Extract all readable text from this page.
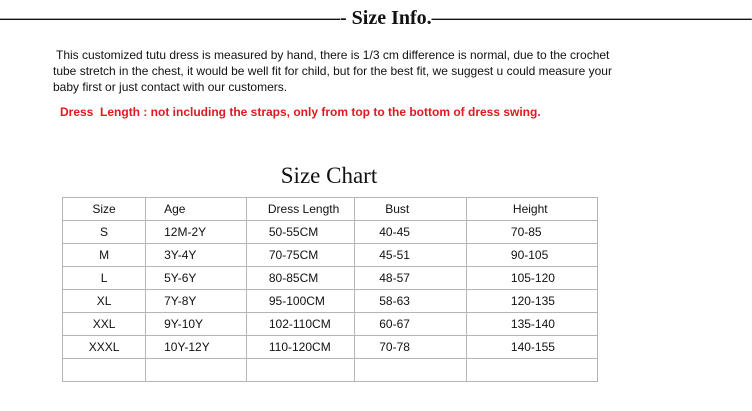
—————————————————- Size Info.————————————————
This customized tutu dress is measured by hand, there is 1/3 cm difference is normal, due to the crochet
tube stretch in the chest, it would be well fit for child, but for the best fit, we suggest u could measure your
baby first or just contact with our customers.
Dress  Length : not including the straps, only from top to the bottom of dress swing.
Size Chart
Size	Age	Dress Length	Bust	Height
S	12M-2Y	50-55CM	40-45	70-85
M	3Y-4Y	70-75CM	45-51	90-105
L	5Y-6Y	80-85CM	48-57	105-120
XL	7Y-8Y	95-100CM	58-63	120-135
XXL	9Y-10Y	102-110CM	60-67	135-140
XXXL	10Y-12Y	110-120CM	70-78	140-155
